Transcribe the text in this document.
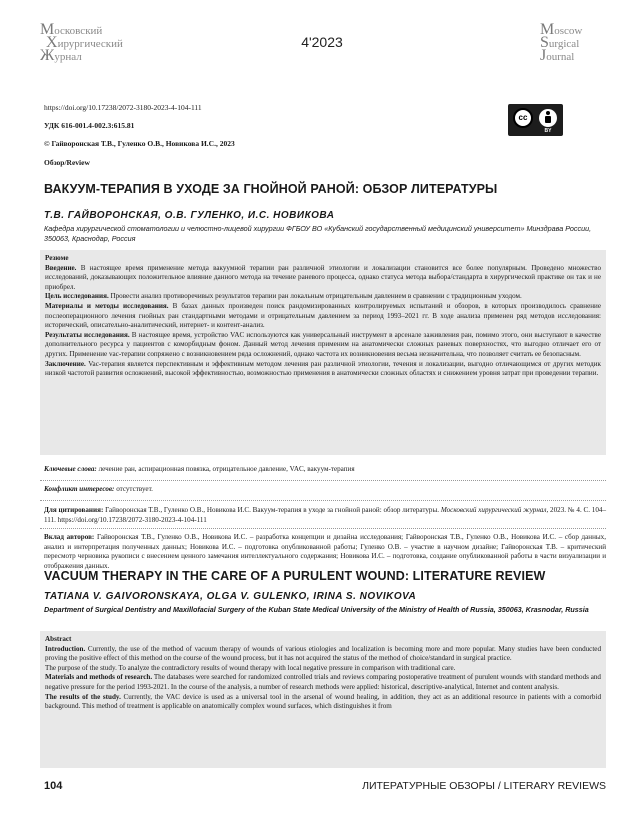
Московский
Хирургический
Журнал
4'2023
Moscow
Surgical
Journal
https://doi.org/10.17238/2072-3180-2023-4-104-111
УДК 616-001.4-002.3:615.81
© Гайворонская Т.В., Гуленко О.В., Новикова И.С., 2023
Обзор/Review
cc
BY
ВАКУУМ-ТЕРАПИЯ В УХОДЕ ЗА ГНОЙНОЙ РАНОЙ: ОБЗОР ЛИТЕРАТУРЫ
Т.В. ГАЙВОРОНСКАЯ, О.В. ГУЛЕНКО, И.С. НОВИКОВА
Кафедра хирургической стоматологии и челюстно-лицевой хирургии ФГБОУ ВО «Кубанский государственный медицинский университет» Минздрава России, 350063, Краснодар, Россия

Резюме

Введение. В настоящее время применение метода вакуумной терапии ран различной этиологии и локализации становится все более популярным. Проведено множество исследований, доказывающих положительное влияние данного метода на течение раневого процесса, однако статуса метода выбора/стандарта в хирургической практике он так и не приобрел.

Цель исследования. Провести анализ противоречивых результатов терапии ран локальным отрицательным давлением в сравнении с традиционным уходом.

Материалы и методы исследования. В базах данных произведен поиск рандомизированных контролируемых испытаний и обзоров, в которых производилось сравнение послеоперационного лечения гнойных ран стандартными методами и отрицательным давлением за период 1993–2021 гг. В ходе анализа применен ряд методов исследования: исторический, описательно-аналитический, интернет- и контент-анализ.

Результаты исследования. В настоящее время, устройство VAC используются как универсальный инструмент в арсенале заживления ран, помимо этого, они выступают в качестве дополнительного ресурса у пациентов с коморбидным фоном. Данный метод лечения применим на анатомически сложных раневых поверхностях, что выгодно отличает его от других. Применение vac-терапии сопряжено с возникновением ряда осложнений, однако частота их возникновения весьма незначительна, что позволяет считать ее безопасным.

Заключение. Vac-терапия является перспективным и эффективным методом лечения ран различной этиологии, течения и локализации, выгодно отличающимся от других методик низкой частотой развития осложнений, высокой эффективностью, возможностью применения в анатомически сложных областях и снижением уровня затрат при проведении терапии.

Ключевые слова: лечение ран, аспирационная повязка, отрицательное давление, VAC, вакуум-терапия

Конфликт интересов: отсутствует.

Для цитирования: Гайворонская Т.В., Гуленко О.В., Новикова И.С. Вакуум-терапия в уходе за гнойной раной: обзор литературы. Московский хирургический журнал, 2023. № 4. С. 104–111. https://doi.org/10.17238/2072-3180-2023-4-104-111

Вклад авторов: Гайворонская Т.В., Гуленко О.В., Новикова И.С. – разработка концепции и дизайна исследования; Гайворонская Т.В., Гуленко О.В., Новикова И.С. – сбор данных, анализ и интерпретация полученных данных; Новикова И.С. – подготовка опубликованной работы; Гуленко О.В. – участие в научном дизайне; Гайворонская Т.В. – критический пересмотр черновика рукописи с внесением ценного замечания интеллектуального содержания; Новикова И.С. – подготовка, создание опубликованной работы в части визуализации и отображения данных.

VACUUM THERAPY IN THE CARE OF A PURULENT WOUND: LITERATURE REVIEW
TATIANA V. GAIVORONSKAYA, OLGA V. GULENKO, IRINA S. NOVIKOVA
Department of Surgical Dentistry and Maxillofacial Surgery of the Kuban State Medical University of the Ministry of Health of Russia, 350063, Krasnodar, Russia

Abstract

Introduction. Currently, the use of the method of vacuum therapy of wounds of various etiologies and localization is becoming more and more popular. Many studies have been conducted proving the positive effect of this method on the course of the wound process, but it has not acquired the status of the method of choice/standard in surgical practice.

The purpose of the study. To analyze the contradictory results of wound therapy with local negative pressure in comparison with traditional care.

Materials and methods of research. The databases were searched for randomized controlled trials and reviews comparing postoperative treatment of purulent wounds with standard methods and negative pressure for the period 1993-2021. In the course of the analysis, a number of research methods were applied: historical, descriptive-analytical, Internet and content analysis.

The results of the study. Currently, the VAC device is used as a universal tool in the arsenal of wound healing, in addition, they act as an additional resource in patients with a comorbid background. This method of treatment is applicable on anatomically complex wound surfaces, which distinguishes it from

104	ЛИТЕРАТУРНЫЕ ОБЗОРЫ / LITERARY REVIEWS
